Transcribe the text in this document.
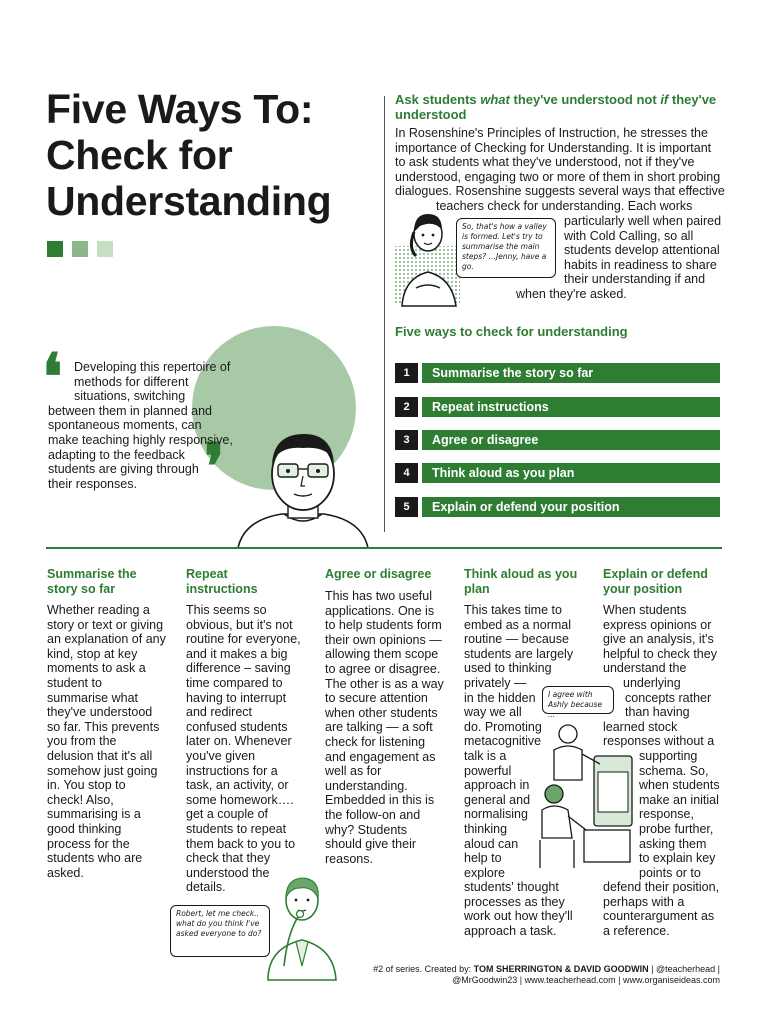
Five Ways To:
Check for
Understanding
❛
❜
Developing this repertoire of
methods for different
situations, switching
between them in planned and
spontaneous moments, can
make teaching highly responsive,
adapting to the feedback
students are giving through
their responses.
Ask students what they've understood not if they've understood
In Rosenshine's Principles of Instruction, he stresses the
importance of Checking for Understanding. It is important
to ask students what they've understood, not if they've
understood, engaging two or more of them in short probing
dialogues. Rosenshine suggests several ways that effective
teachers check for understanding. Each works
particularly well when paired
with Cold Calling, so all
students develop attentional
habits in readiness to share
their understanding if and
when they're asked.
So, that's how a valley is formed. Let's try to summarise the main steps? …Jenny, have a go.
Five ways to check for understanding
1	Summarise the story so far
2	Repeat instructions
3	Agree or disagree
4	Think aloud as you plan
5	Explain or defend your position
Summarise the
story so far
Whether reading a
story or text or giving
an explanation of any
kind, stop at key
moments to ask a
student to
summarise what
they've understood
so far. This prevents
you from the
delusion that it's all
somehow just going
in. You stop to
check! Also,
summarising is a
good thinking
process for the
students who are
asked.
Repeat
instructions
This seems so
obvious, but it's not
routine for everyone,
and it makes a big
difference – saving
time compared to
having to interrupt
and redirect
confused students
later on. Whenever
you've given
instructions for a
task, an activity, or
some homework….
get a couple of
students to repeat
them back to you to
check that they
understood the
details.
Agree or disagree
This has two useful
applications. One is
to help students form
their own opinions —
allowing them scope
to agree or disagree.
The other is as a way
to secure attention
when other students
are talking — a soft
check for listening
and engagement as
well as for
understanding.
Embedded in this is
the follow-on and
why? Students
should give their
reasons.
Think aloud as you
plan
This takes time to
embed as a normal
routine — because
students are largely
used to thinking
privately —
in the hidden
way we all
do. Promoting
metacognitive
talk is a
powerful
approach in
general and
normalising
thinking
aloud can
help to
explore
students' thought
processes as they
work out how they'll
approach a task.
I agree with Ashly because ...
Explain or defend
your position
When students
express opinions or
give an analysis, it's
helpful to check they
understand the
underlying
concepts rather
than having
learned stock
responses without a
supporting
schema. So,
when students
make an initial
response,
probe further,
asking them
to explain key
points or to
defend their position,
perhaps with a
counterargument as
a reference.
Robert, let me check.. what do you think I've asked everyone to do?
#2 of series. Created by: TOM SHERRINGTON & DAVID GOODWIN | @teacherhead |
@MrGoodwin23 | www.teacherhead.com | www.organiseideas.com
